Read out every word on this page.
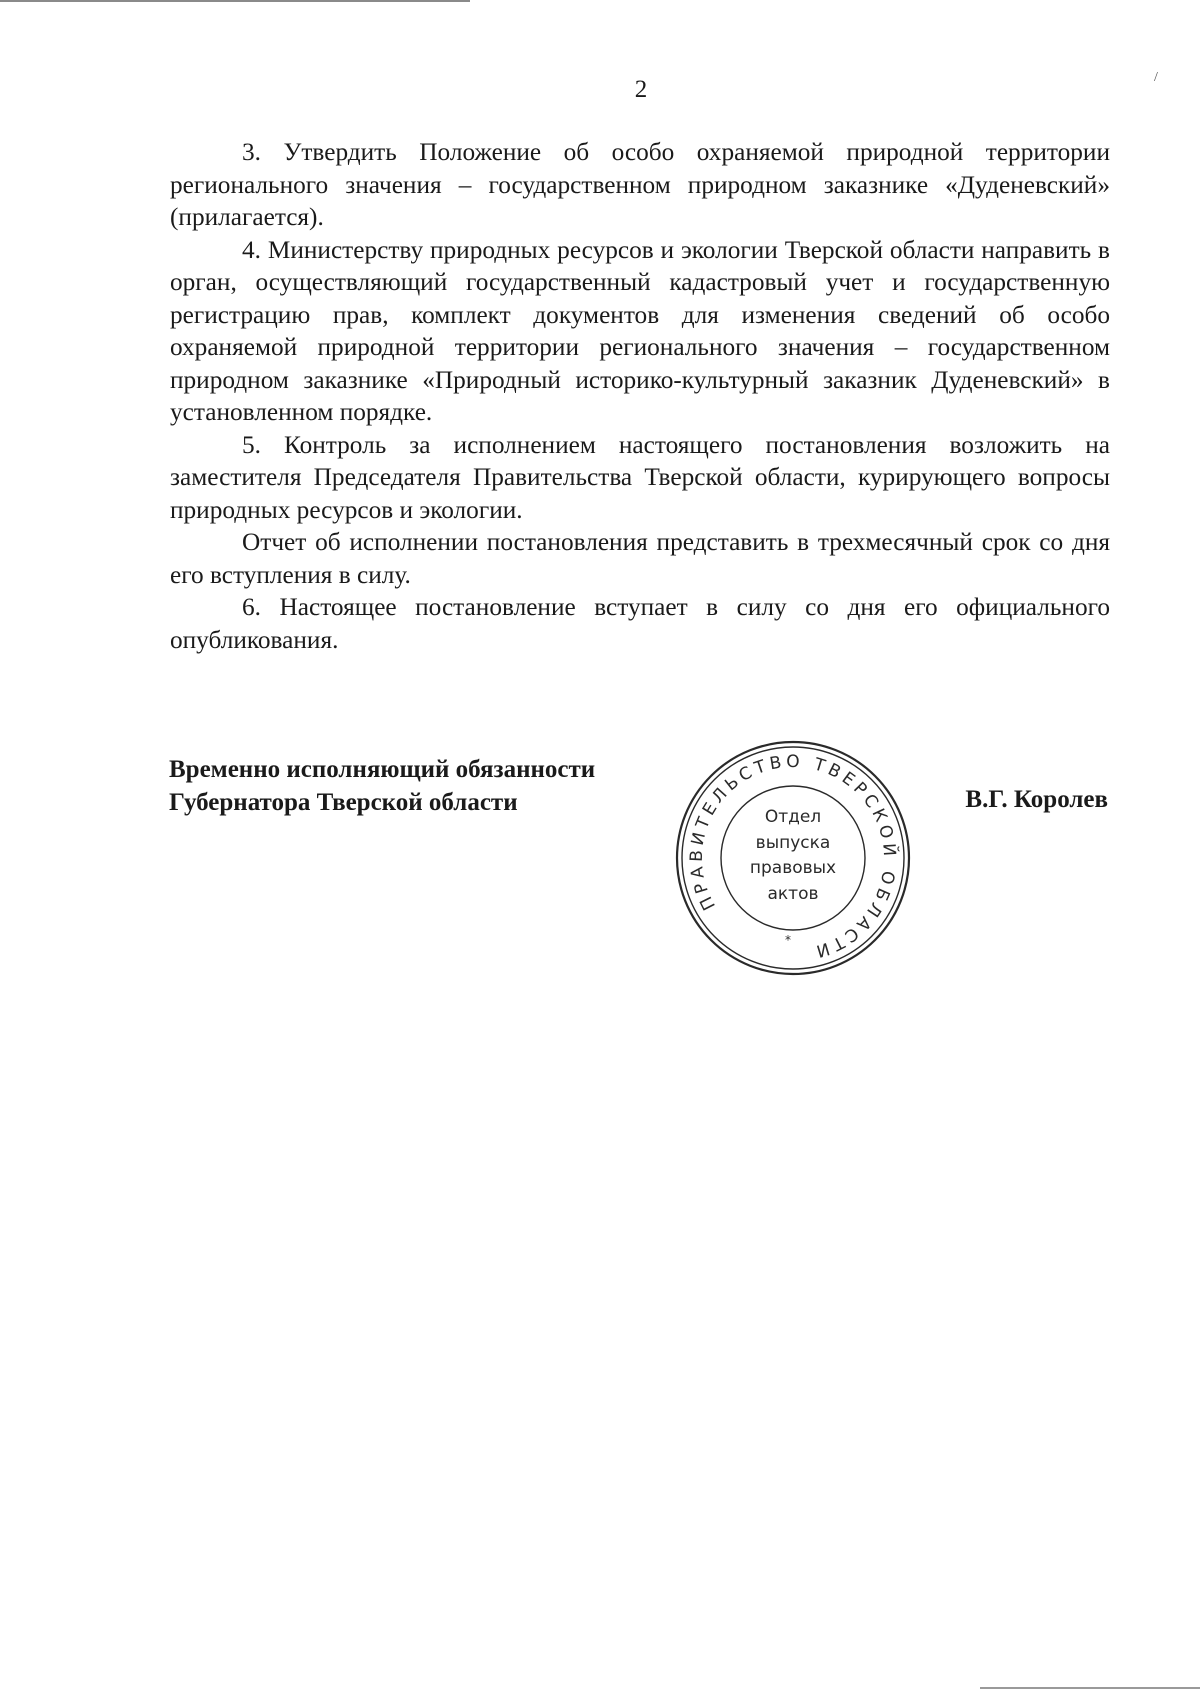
/
2

3. Утвердить Положение об особо охраняемой природной территории регионального значения – государственном природном заказнике «Дуденевский» (прилагается).

4. Министерству природных ресурсов и экологии Тверской области направить в орган, осуществляющий государственный кадастровый учет и государственную регистрацию прав, комплект документов для изменения сведений об особо охраняемой природной территории регионального значения – государственном природном заказнике «Природный историко-культурный заказник Дуденевский» в установленном порядке.

5. Контроль за исполнением настоящего постановления возложить на заместителя Председателя Правительства Тверской области, курирующего вопросы природных ресурсов и экологии.

Отчет об исполнении постановления представить в трехмесячный срок со дня его вступления в силу.

6. Настоящее постановление вступает в силу со дня его официального опубликования.

Временно исполняющий обязанности
Губернатора Тверской области
ПРАВИТЕЛЬСТВО ТВЕРСКОЙ ОБЛАСТИ
Отдел
выпуска
правовых
актов
*
В.Г. Королев
